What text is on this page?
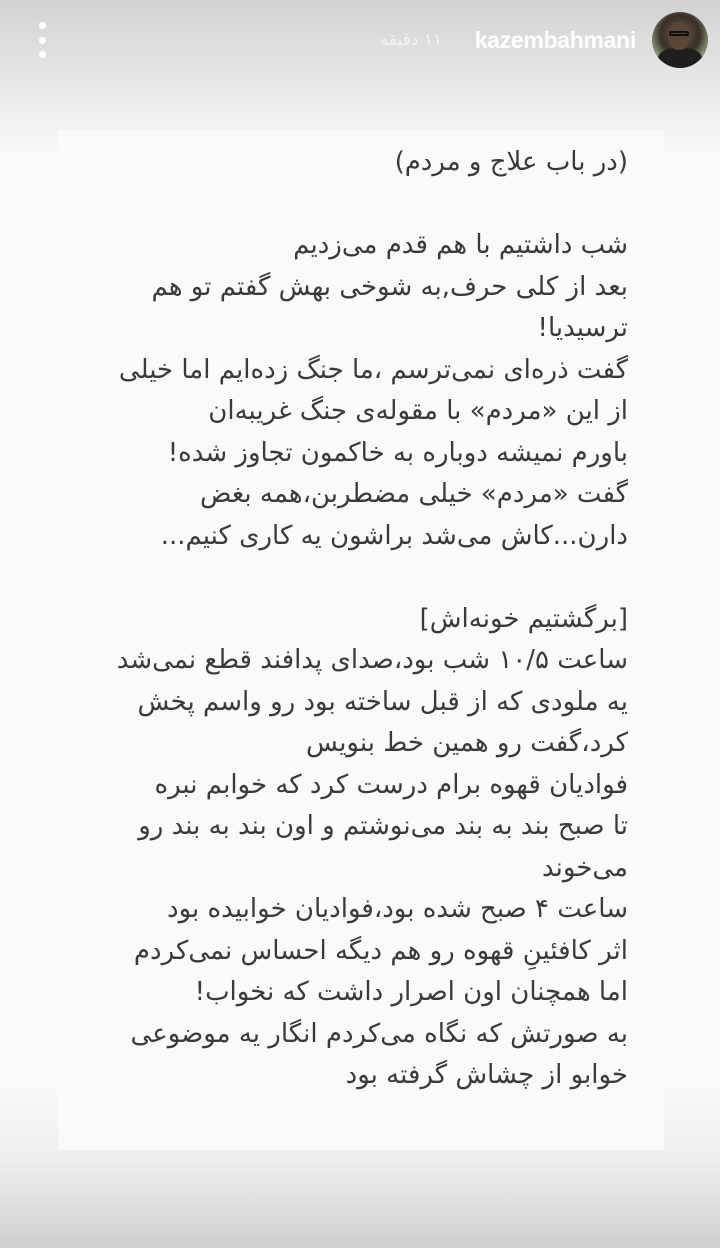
kazembahmani
۱۱ دقیقه
(در باب علاج و مردم)
شب داشتیم با هم قدم می‌زدیم
بعد از کلی حرف,به شوخی بهش گفتم تو هم
ترسیدیا!
گفت ذره‌ای نمی‌ترسم ،ما جنگ زده‌ایم اما خیلی
از این «مردم» با مقوله‌ی جنگ غریبه‌ان
باورم نمیشه دوباره به خاکمون تجاوز شده!
گفت «مردم» خیلی مضطربن،همه بغض
دارن...کاش می‌شد براشون یه کاری کنیم...
[برگشتیم خونه‌اش]
ساعت ۱۰/۵ شب بود،صدای پدافند قطع نمی‌شد
یه ملودی که از قبل ساخته بود رو واسم پخش
کرد،گفت رو همین خط بنویس
فوادیان قهوه برام درست کرد که خوابم نبره
تا صبح بند به بند می‌نوشتم و اون بند به بند رو
می‌خوند
ساعت ۴ صبح شده بود،فوادیان خوابیده بود
اثر کافئینِ قهوه رو هم دیگه احساس نمی‌کردم
اما همچنان اون اصرار داشت که نخواب!
به صورتش که نگاه می‌کردم انگار یه موضوعی
خوابو از چشاش گرفته بود
